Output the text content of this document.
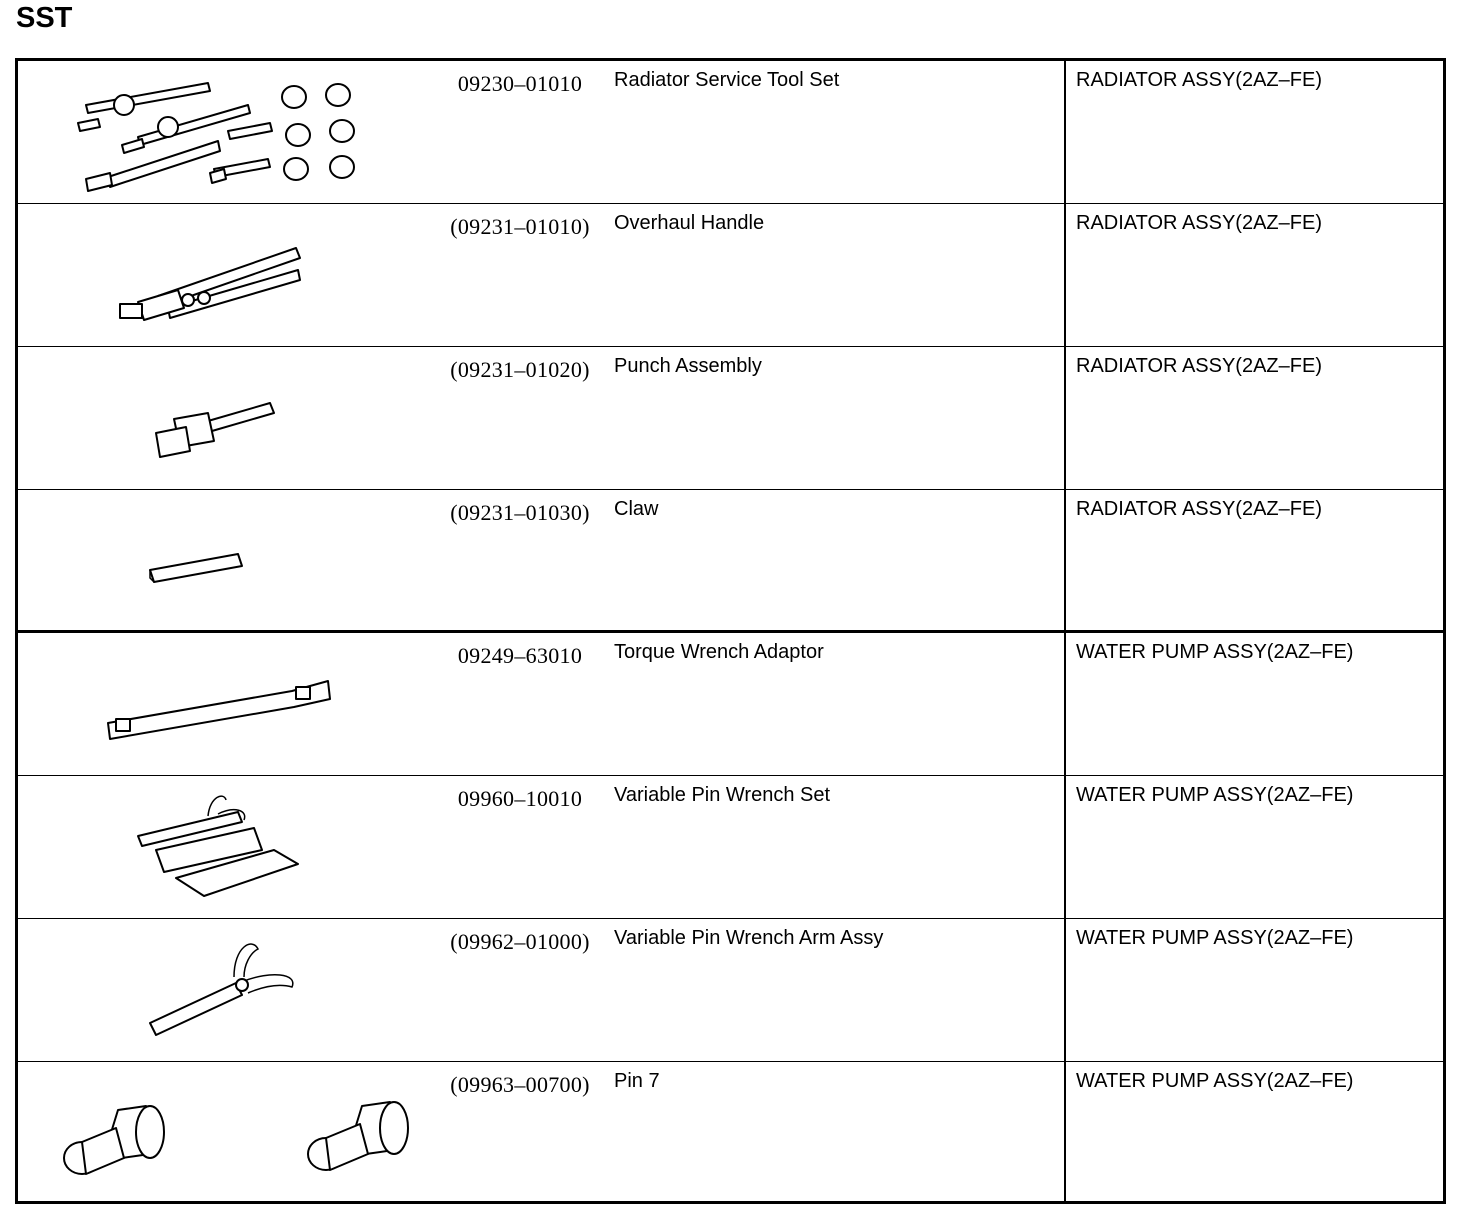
SST
09230–01010	Radiator Service Tool Set	RADIATOR ASSY(2AZ–FE)
(09231–01010)	Overhaul Handle	RADIATOR ASSY(2AZ–FE)
(09231–01020)	Punch Assembly	RADIATOR ASSY(2AZ–FE)
(09231–01030)	Claw	RADIATOR ASSY(2AZ–FE)
09249–63010	Torque Wrench Adaptor	WATER PUMP ASSY(2AZ–FE)
09960–10010	Variable Pin Wrench Set	WATER PUMP ASSY(2AZ–FE)
(09962–01000)	Variable Pin Wrench Arm Assy	WATER PUMP ASSY(2AZ–FE)
(09963–00700)	Pin 7	WATER PUMP ASSY(2AZ–FE)
